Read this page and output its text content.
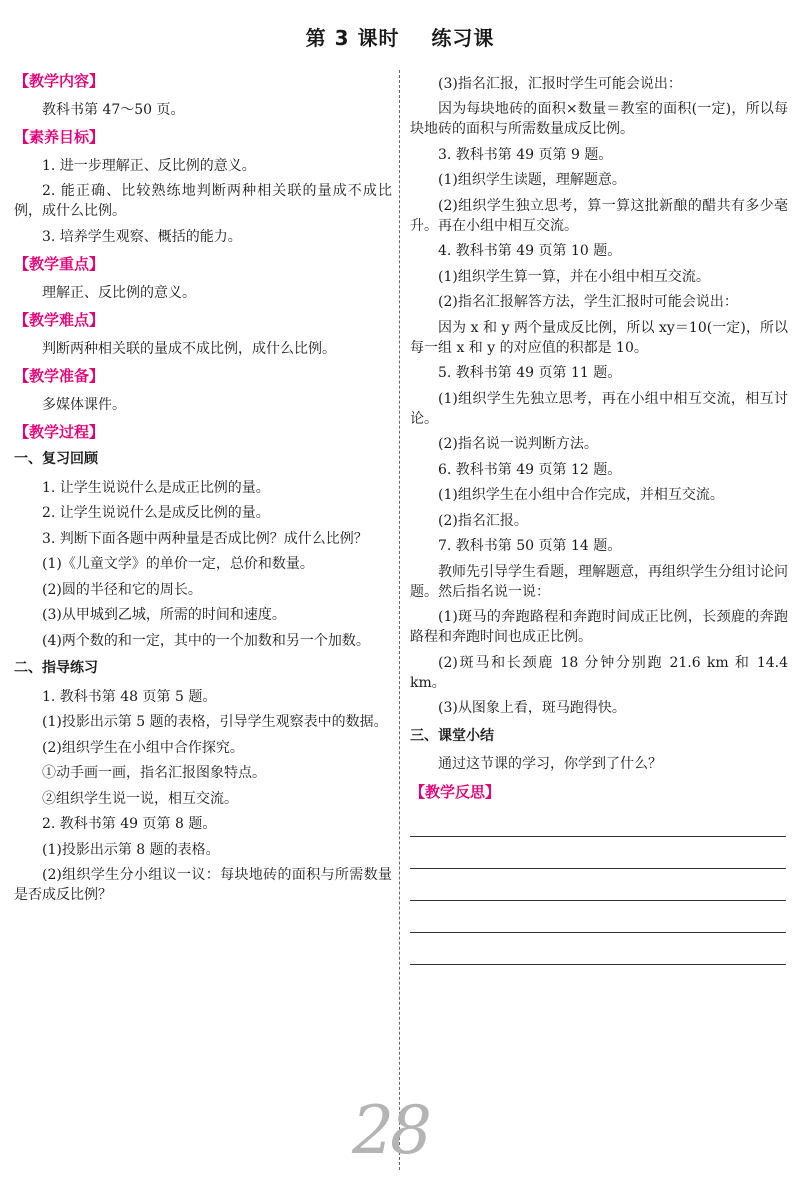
第 3 课时    练习课
【教学内容】
教科书第 47～50 页。
【素养目标】
1. 进一步理解正、反比例的意义。
2. 能正确、比较熟练地判断两种相关联的量成不成比例，成什么比例。
3. 培养学生观察、概括的能力。
【教学重点】
理解正、反比例的意义。
【教学难点】
判断两种相关联的量成不成比例，成什么比例。
【教学准备】
多媒体课件。
【教学过程】
一、复习回顾
1. 让学生说说什么是成正比例的量。
2. 让学生说说什么是成反比例的量。
3. 判断下面各题中两种量是否成比例？成什么比例？
(1)《儿童文学》的单价一定，总价和数量。
(2)圆的半径和它的周长。
(3)从甲城到乙城，所需的时间和速度。
(4)两个数的和一定，其中的一个加数和另一个加数。
二、指导练习
1. 教科书第 48 页第 5 题。
(1)投影出示第 5 题的表格，引导学生观察表中的数据。
(2)组织学生在小组中合作探究。
①动手画一画，指名汇报图象特点。
②组织学生说一说，相互交流。
2. 教科书第 49 页第 8 题。
(1)投影出示第 8 题的表格。
(2)组织学生分小组议一议：每块地砖的面积与所需数量是否成反比例？
(3)指名汇报，汇报时学生可能会说出：
因为每块地砖的面积×数量＝教室的面积(一定)，所以每块地砖的面积与所需数量成反比例。
3. 教科书第 49 页第 9 题。
(1)组织学生读题，理解题意。
(2)组织学生独立思考，算一算这批新酿的醋共有多少毫升。再在小组中相互交流。
4. 教科书第 49 页第 10 题。
(1)组织学生算一算，并在小组中相互交流。
(2)指名汇报解答方法，学生汇报时可能会说出：
因为 x 和 y 两个量成反比例，所以 xy＝10(一定)，所以每一组 x 和 y 的对应值的积都是 10。
5. 教科书第 49 页第 11 题。
(1)组织学生先独立思考，再在小组中相互交流，相互讨论。
(2)指名说一说判断方法。
6. 教科书第 49 页第 12 题。
(1)组织学生在小组中合作完成，并相互交流。
(2)指名汇报。
7. 教科书第 50 页第 14 题。
教师先引导学生看题，理解题意，再组织学生分组讨论问题。然后指名说一说：
(1)斑马的奔跑路程和奔跑时间成正比例，长颈鹿的奔跑路程和奔跑时间也成正比例。
(2)斑马和长颈鹿 18 分钟分别跑 21.6 km 和 14.4 km。
(3)从图象上看，斑马跑得快。
三、课堂小结
通过这节课的学习，你学到了什么？
【教学反思】
28
